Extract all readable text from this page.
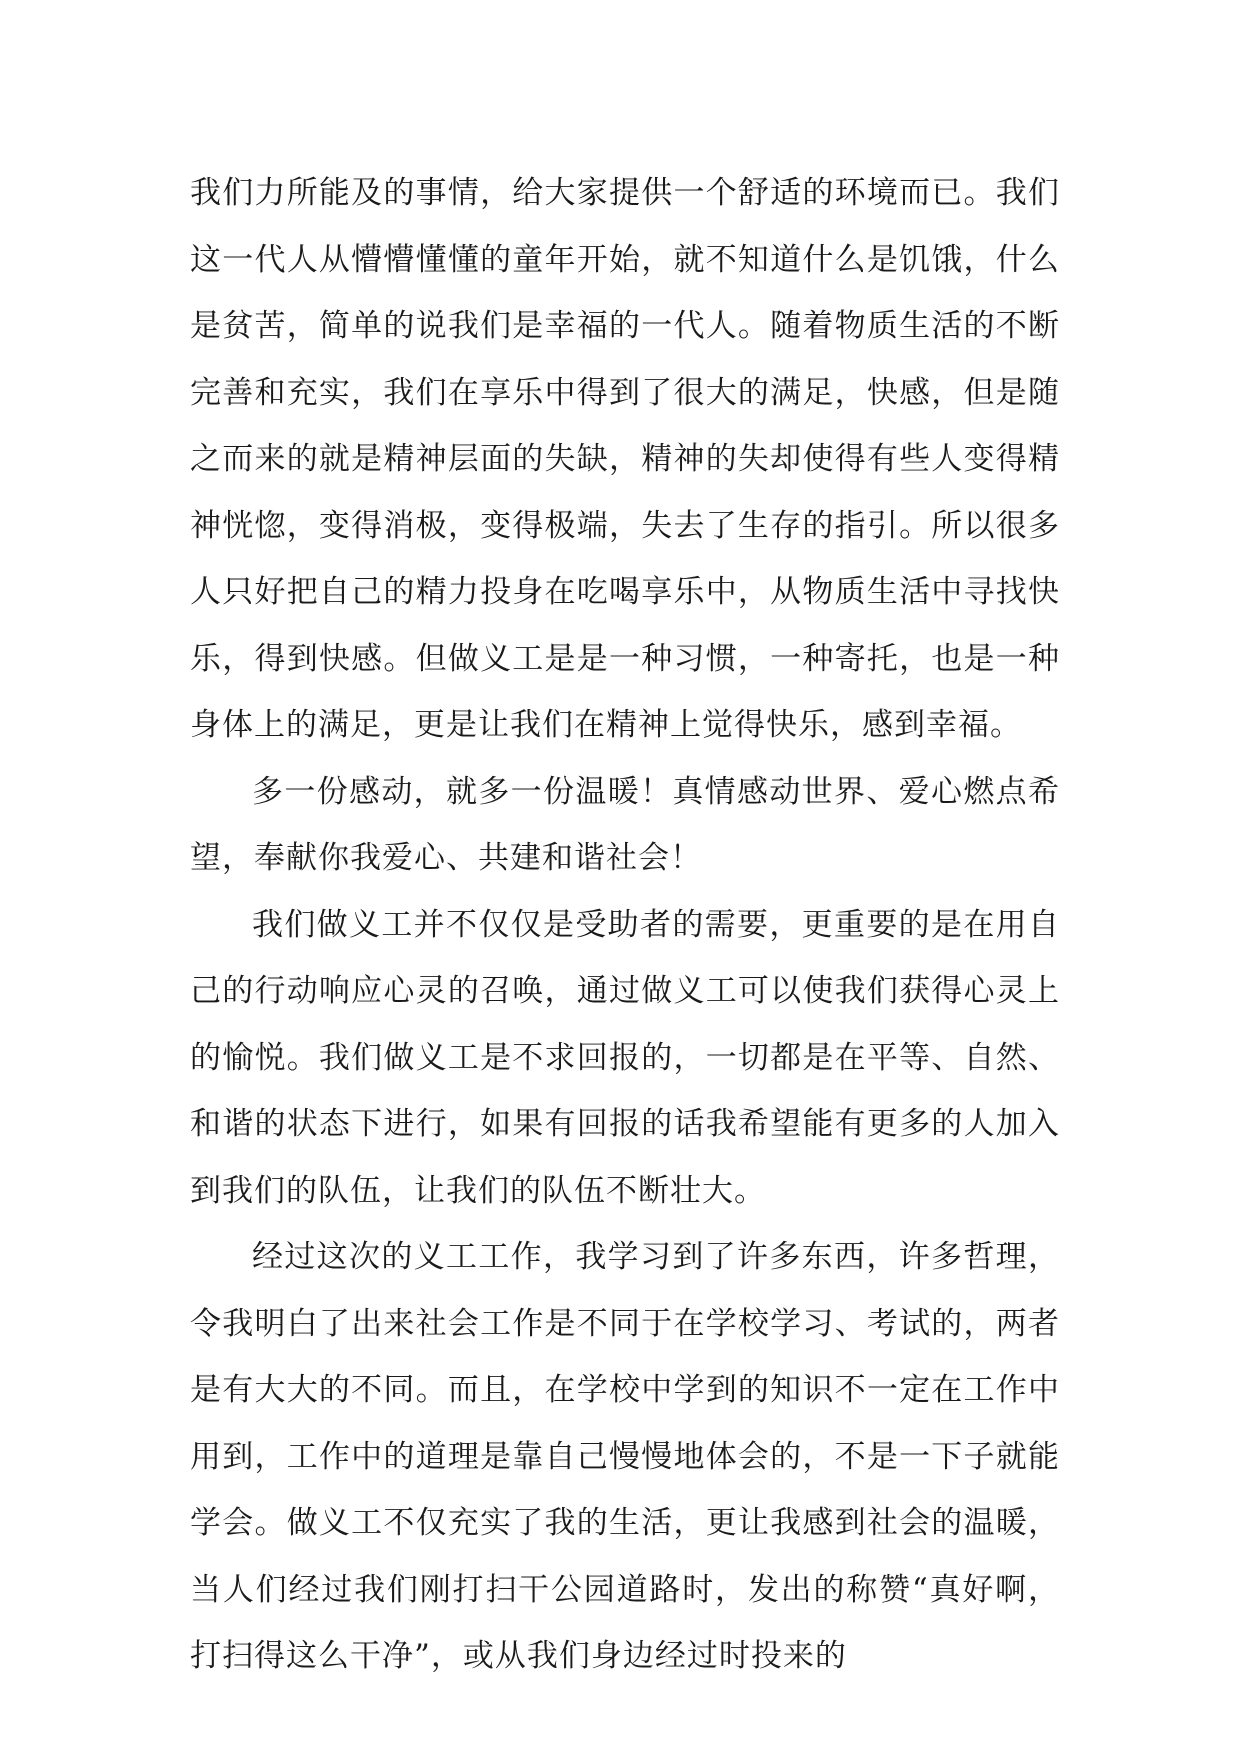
我们力所能及的事情，给大家提供一个舒适的环境而已。我们这一代人从懵懵懂懂的童年开始，就不知道什么是饥饿，什么是贫苦，简单的说我们是幸福的一代人。随着物质生活的不断完善和充实，我们在享乐中得到了很大的满足，快感，但是随之而来的就是精神层面的失缺，精神的失却使得有些人变得精神恍惚，变得消极，变得极端，失去了生存的指引。所以很多人只好把自己的精力投身在吃喝享乐中，从物质生活中寻找快乐，得到快感。但做义工是是一种习惯，一种寄托，也是一种身体上的满足，更是让我们在精神上觉得快乐，感到幸福。

多一份感动，就多一份温暖！真情感动世界、爱心燃点希望，奉献你我爱心、共建和谐社会！

我们做义工并不仅仅是受助者的需要，更重要的是在用自己的行动响应心灵的召唤，通过做义工可以使我们获得心灵上的愉悦。我们做义工是不求回报的，一切都是在平等、自然、和谐的状态下进行，如果有回报的话我希望能有更多的人加入到我们的队伍，让我们的队伍不断壮大。

经过这次的义工工作，我学习到了许多东西，许多哲理，令我明白了出来社会工作是不同于在学校学习、考试的，两者是有大大的不同。而且，在学校中学到的知识不一定在工作中用到，工作中的道理是靠自己慢慢地体会的，不是一下子就能学会。做义工不仅充实了我的生活，更让我感到社会的温暖，当人们经过我们刚打扫干公园道路时，发出的称赞“真好啊，打扫得这么干净”，或从我们身边经过时投来的
